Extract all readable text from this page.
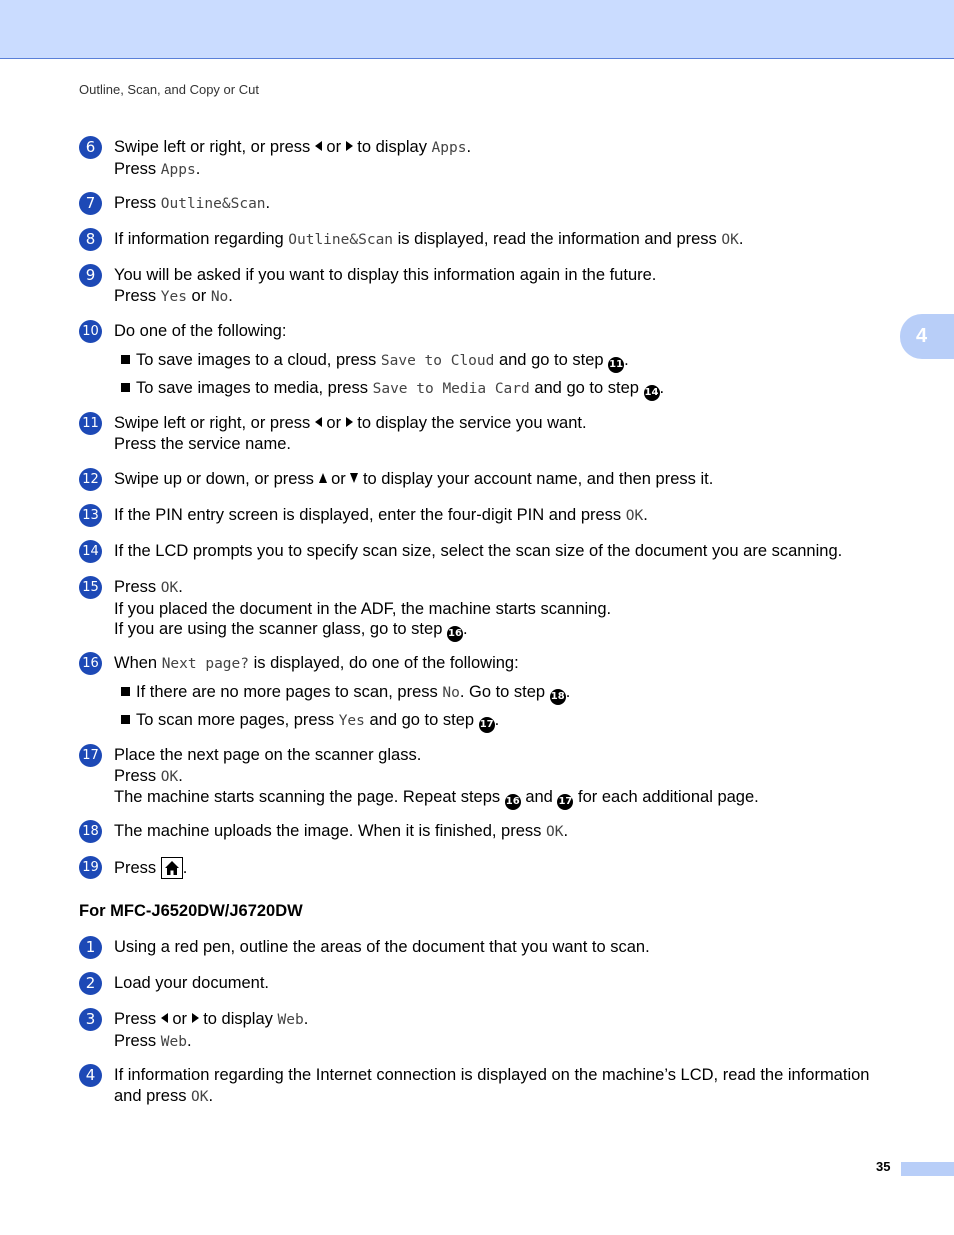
Outline, Scan, and Copy or Cut
4
6	Swipe left or right, or press  or  to display Apps.
Press Apps.
7	Press Outline&Scan.
8	If information regarding Outline&Scan is displayed, read the information and press OK.
9	You will be asked if you want to display this information again in the future.
Press Yes or No.
10 Do one of the following:
11 Swipe left or right, or press  or  to display the service you want.
Press the service name.
12 Swipe up or down, or press  or  to display your account name, and then press it.
13 If the PIN entry screen is displayed, enter the four-digit PIN and press OK.
14 If the LCD prompts you to specify scan size, select the scan size of the document you are scanning.
15 Press OK.
If you placed the document in the ADF, the machine starts scanning.
If you are using the scanner glass, go to step 16.
16 When Next page? is displayed, do one of the following:
17 Place the next page on the scanner glass.
Press OK.
The machine starts scanning the page. Repeat steps 16 and 17 for each additional page.
18 The machine uploads the image. When it is finished, press OK.
19 Press
.
To save images to a cloud, press Save to Cloud and go to step 11.
To save images to media, press Save to Media Card and go to step 14.
If there are no more pages to scan, press No. Go to step 18.
To scan more pages, press Yes and go to step 17.
For MFC-J6520DW/J6720DW
1	Using a red pen, outline the areas of the document that you want to scan.
2	Load your document.
3	Press  or  to display Web.
Press Web.
4	If information regarding the Internet connection is displayed on the machine’s LCD, read the information
and press OK.
35
